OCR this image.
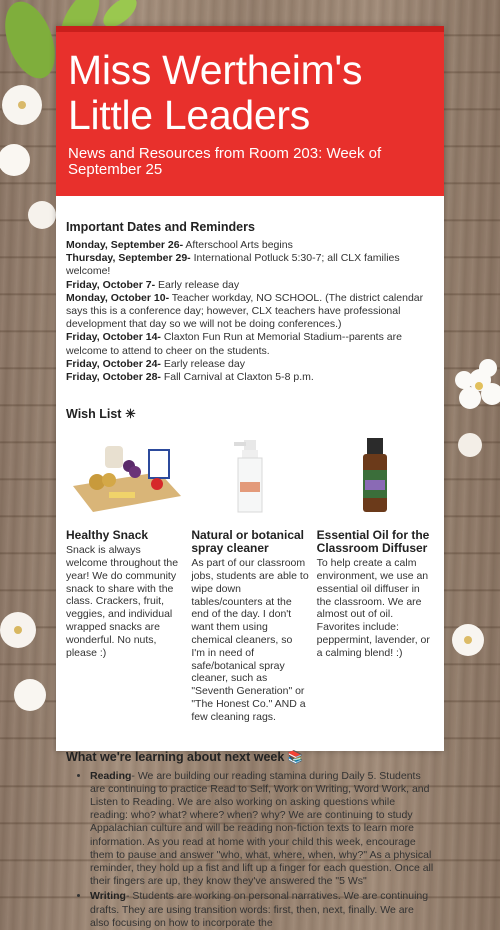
Miss Wertheim's Little Leaders
News and Resources from Room 203: Week of September 25
Important Dates and Reminders

Monday, September 26- Afterschool Arts begins

Thursday, September 29- International Potluck 5:30-7; all CLX families welcome!

Friday, October 7- Early release day

Monday, October 10- Teacher workday, NO SCHOOL. (The district calendar says this is a conference day; however, CLX teachers have professional development that day so we will not be doing conferences.)

Friday, October 14- Claxton Fun Run at Memorial Stadium--parents are welcome to attend to cheer on the students.

Friday, October 24- Early release day

Friday, October 28- Fall Carnival at Claxton 5-8 p.m.

Wish List ☀
Healthy Snack

Snack is always welcome throughout the year! We do community snack to share with the class. Crackers, fruit, veggies, and individual wrapped snacks are wonderful. No nuts, please :)

Natural or botanical spray cleaner

As part of our classroom jobs, students are able to wipe down tables/counters at the end of the day. I don't want them using chemical cleaners, so I'm in need of safe/botanical spray cleaner, such as "Seventh Generation" or "The Honest Co." AND a few cleaning rags.

Essential Oil for the Classroom Diffuser

To help create a calm environment, we use an essential oil diffuser in the classroom. We are almost out of oil. Favorites include: peppermint, lavender, or a calming blend! :)

What we're learning about next week 📚
• Reading- We are building our reading stamina during Daily 5. Students are continuing to practice Read to Self, Work on Writing, Word Work, and Listen to Reading. We are also working on asking questions while reading: who? what? where? when? why? We are continuing to study Appalachian culture and will be reading non-fiction texts to learn more information. As you read at home with your child this week, encourage them to pause and answer "who, what, where, when, why?" As a physical reminder, they hold up a fist and lift up a finger for each question. Once all their fingers are up, they know they've answered the "5 Ws"
• Writing- Students are working on personal narratives. We are continuing drafts. They are using transition words: first, then, next, finally. We are also focusing on how to incorporate the
